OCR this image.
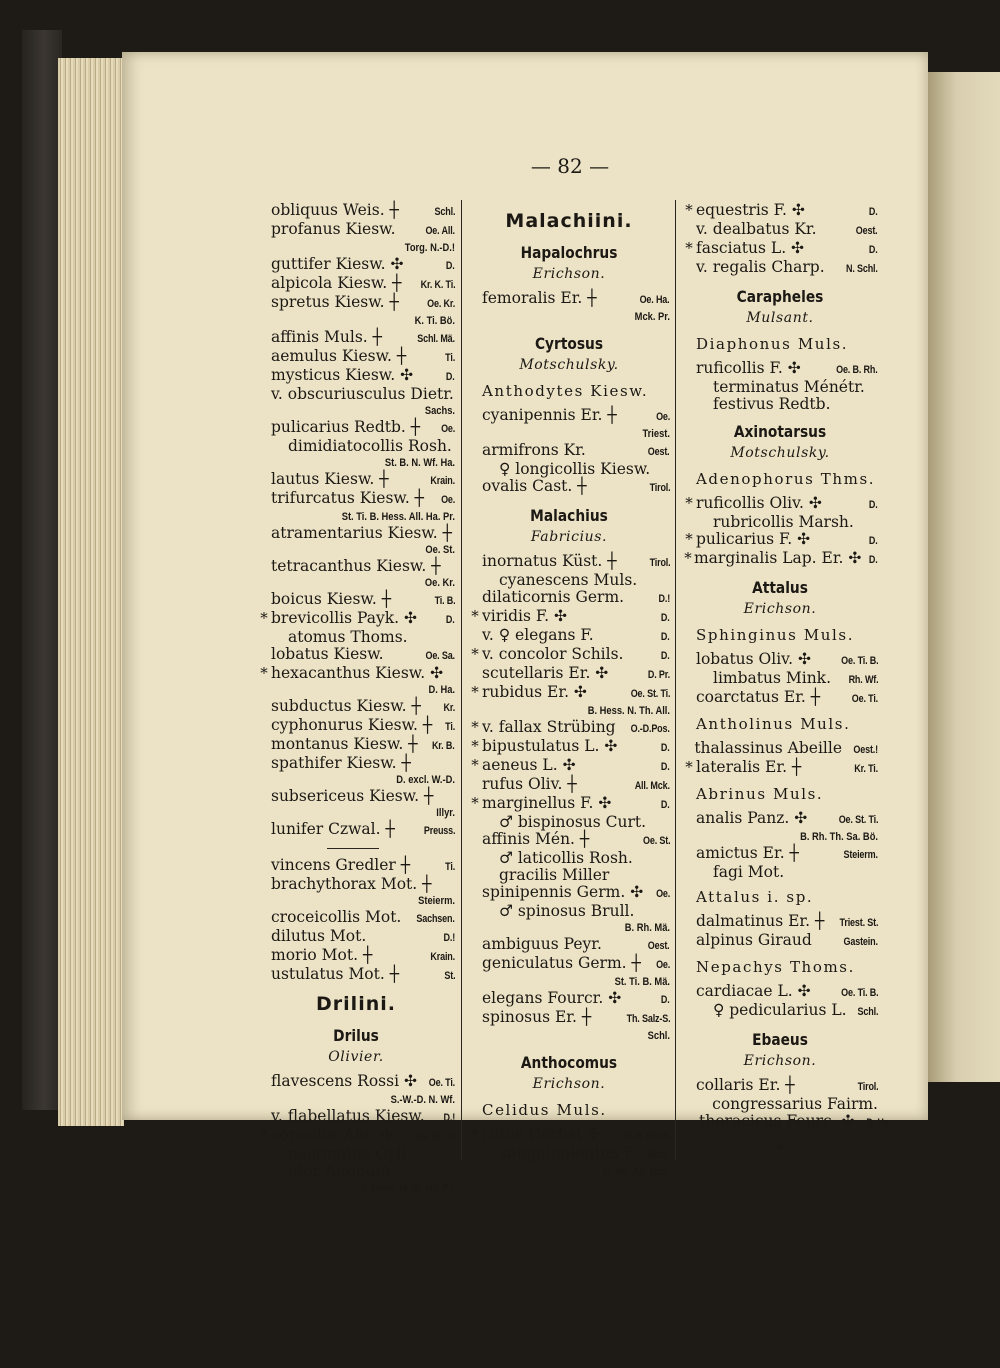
— 82 —
obliquus Weis. ┼	Schl.
profanus Kiesw.	Oe. All.
Torg. N.-D.!
guttifer Kiesw. ✣	D.
alpicola Kiesw. ┼	Kr. K. Ti.
spretus Kiesw. ┼	Oe. Kr.
K. Ti. Bö.
affinis Muls. ┼	Schl. Mä.
aemulus Kiesw. ┼	Ti.
mysticus Kiesw. ✣	D.
v. obscuriusculus Dietr.
Sachs.
pulicarius Redtb. ┼	Oe.
dimidiatocollis Rosh.
St. B. N. Wf. Ha.
lautus Kiesw. ┼	Krain.
trifurcatus Kiesw. ┼	Oe.
St. Ti. B. Hess. All. Ha. Pr.
atramentarius Kiesw. ┼
Oe. St.
tetracanthus Kiesw. ┼
Oe. Kr.
boicus Kiesw. ┼	Ti. B.
* brevicollis Payk. ✣	D.
atomus Thoms.
lobatus Kiesw.	Oe. Sa.
* hexacanthus Kiesw. ✣
D. Ha.
subductus Kiesw. ┼	Kr.
cyphonurus Kiesw. ┼	Ti.
montanus Kiesw. ┼	Kr. B.
spathifer Kiesw. ┼
D. excl. W.-D.
subsericeus Kiesw. ┼
Illyr.
lunifer Czwal. ┼	Preuss.
vincens Gredler ┼	Ti.
brachythorax Mot. ┼
Steierm.
croceicollis Mot. Sachsen.
dilutus Mot.	D.!
morio Mot. ┼	Krain.
ustulatus Mot. ┼	St.
Drilini.
Drilus
Olivier.
flavescens Rossi ✣ Oe. Ti.
S.-W.-D. N. Wf.
v. flabellatus Kiesw.	D.!
* concolor Ahr. ✣	Oe. St. Ti.
pectinatus Gyll.
ater Audouin
B. Hess. M.-D. Mä. Pr.
Malachiini.
Hapalochrus
Erichson.
femoralis Er. ┼	Oe. Ha.
Mck. Pr.
Cyrtosus
Motschulsky.
Anthodytes Kiesw.
cyanipennis Er. ┼	Oe.
Triest.
armifrons Kr.	Oest.
♀ longicollis Kiesw.
ovalis Cast. ┼	Tirol.
Malachius
Fabricius.
inornatus Küst. ┼	Tirol.
cyanescens Muls.
dilaticornis Germ.	D.!
* viridis F. ✣	D.
v. ♀ elegans F.	D.
* v. concolor Schils.	D.
scutellaris Er. ✣	D. Pr.
* rubidus Er. ✣	Oe. St. Ti.
B. Hess. N. Th. All.
* v. fallax Strübing O.-D.Pos.
* bipustulatus L. ✣	D.
* aeneus L. ✣	D.
rufus Oliv. ┼	All. Mck.
* marginellus F. ✣	D.
♂ bispinosus Curt.
affinis Mén. ┼	Oe. St.
♂ laticollis Rosh.
gracilis Miller
spinipennis Germ. ✣	Oe.
♂ spinosus Brull.
B. Rh. Mä.
ambiguus Peyr.	Oest.
geniculatus Germ. ┼	Oe.
St. Ti. B. Mä.
elegans Fourcr. ✣	D.
spinosus Er. ┼	Th. Salz-S.
Schl.
Anthocomus
Erichson.
Celidus Muls.
* rufus Herbst ✣	St. B. Hess.
sanguinolentus F. Metz.
N. Wf. All. Mck.
* equestris F. ✣	D.
v. dealbatus Kr.	Oest.
* fasciatus L. ✣	D.
v. regalis Charp.	N. Schl.
Carapheles
Mulsant.
Diaphonus Muls.
ruficollis F. ✣	Oe. B. Rh.
terminatus Ménétr.
festivus Redtb.
Axinotarsus
Motschulsky.
Adenophorus Thms.
* ruficollis Oliv. ✣	D.
rubricollis Marsh.
* pulicarius F. ✣	D.
* marginalis Lap. Er. ✣ D.
Attalus
Erichson.
Sphinginus Muls.
lobatus Oliv. ✣	Oe. Ti. B.
limbatus Mink.	Rh. Wf.
coarctatus Er. ┼	Oe. Ti.
Antholinus Muls.
thalassinus Abeille Oest.!
* lateralis Er. ┼	Kr. Ti.
Abrinus Muls.
analis Panz. ✣	Oe. St. Ti.
B. Rh. Th. Sa. Bö.
amictus Er. ┼	Steierm.
fagi Mot.
Attalus i. sp.
dalmatinus Er. ┼ Triest. St.
alpinus Giraud	Gastein.
Nepachys Thoms.
cardiacae L. ✣	Oe. Ti. B.
♀ pedicularius L. Schl.
Ebaeus
Erichson.
collaris Er. ┼	Tirol.
congressarius Fairm.
thoracicus Fourc. ✣ D. Ha.
*
